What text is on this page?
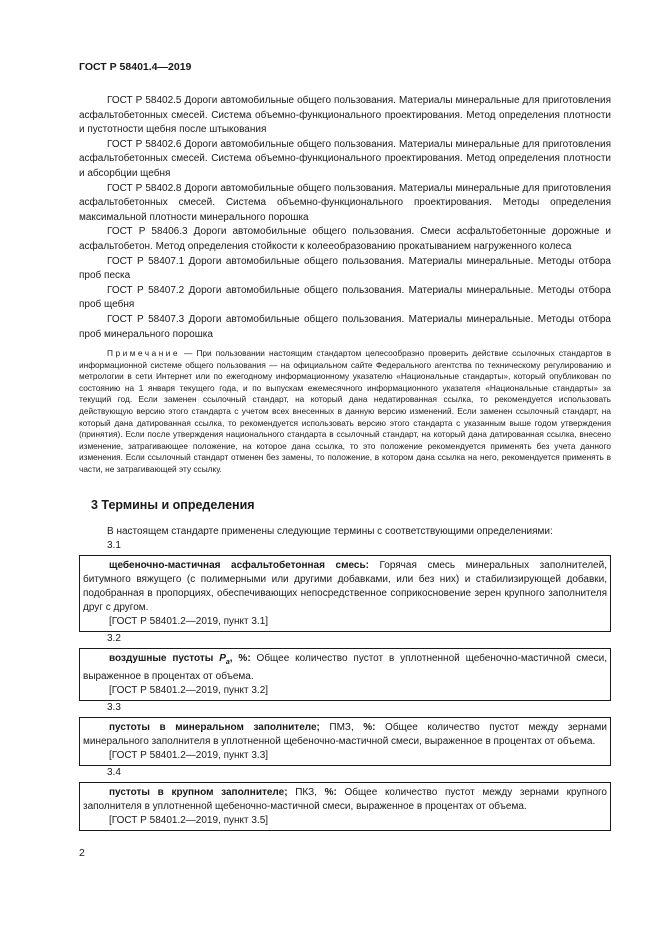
ГОСТ Р 58401.4—2019

ГОСТ Р 58402.5 Дороги автомобильные общего пользования. Материалы минеральные для приготовления асфальтобетонных смесей. Система объемно-функционального проектирования. Метод определения плотности и пустотности щебня после штыкования

ГОСТ Р 58402.6 Дороги автомобильные общего пользования. Материалы минеральные для приготовления асфальтобетонных смесей. Система объемно-функционального проектирования. Метод определения плотности и абсорбции щебня

ГОСТ Р 58402.8 Дороги автомобильные общего пользования. Материалы минеральные для приготовления асфальтобетонных смесей. Система объемно-функционального проектирования. Методы определения максимальной плотности минерального порошка

ГОСТ Р 58406.3 Дороги автомобильные общего пользования. Смеси асфальтобетонные дорожные и асфальтобетон. Метод определения стойкости к колееобразованию прокатыванием нагруженного колеса

ГОСТ Р 58407.1 Дороги автомобильные общего пользования. Материалы минеральные. Методы отбора проб песка

ГОСТ Р 58407.2 Дороги автомобильные общего пользования. Материалы минеральные. Методы отбора проб щебня

ГОСТ Р 58407.3 Дороги автомобильные общего пользования. Материалы минеральные. Методы отбора проб минерального порошка

Примечание — При пользовании настоящим стандартом целесообразно проверить действие ссылочных стандартов в информационной системе общего пользования — на официальном сайте Федерального агентства по техническому регулированию и метрологии в сети Интернет или по ежегодному информационному указателю «Национальные стандарты», который опубликован по состоянию на 1 января текущего года, и по выпускам ежемесячного информационного указателя «Национальные стандарты» за текущий год. Если заменен ссылочный стандарт, на который дана недатированная ссылка, то рекомендуется использовать действующую версию этого стандарта с учетом всех внесенных в данную версию изменений. Если заменен ссылочный стандарт, на который дана датированная ссылка, то рекомендуется использовать версию этого стандарта с указанным выше годом утверждения (принятия). Если после утверждения национального стандарта в ссылочный стандарт, на который дана датированная ссылка, внесено изменение, затрагивающее положение, на которое дана ссылка, то это положение рекомендуется применять без учета данного изменения. Если ссылочный стандарт отменен без замены, то положение, в котором дана ссылка на него, рекомендуется применять в части, не затрагивающей эту ссылку.

3 Термины и определения

В настоящем стандарте применены следующие термины с соответствующими определениями:

3.1

щебеночно-мастичная асфальтобетонная смесь: Горячая смесь минеральных заполнителей, битумного вяжущего (с полимерными или другими добавками, или без них) и стабилизирующей добавки, подобранная в пропорциях, обеспечивающих непосредственное соприкосновение зерен крупного заполнителя друг с другом.

[ГОСТ Р 58401.2—2019, пункт 3.1]

3.2

воздушные пустоты $P_a$, %: Общее количество пустот в уплотненной щебеночно-мастичной смеси, выраженное в процентах от объема.

[ГОСТ Р 58401.2—2019, пункт 3.2]

3.3

пустоты в минеральном заполнителе; ПМЗ, %: Общее количество пустот между зернами минерального заполнителя в уплотненной щебеночно-мастичной смеси, выраженное в процентах от объема.

[ГОСТ Р 58401.2—2019, пункт 3.3]

3.4

пустоты в крупном заполнителе; ПКЗ, %: Общее количество пустот между зернами крупного заполнителя в уплотненной щебеночно-мастичной смеси, выраженное в процентах от объема.

[ГОСТ Р 58401.2—2019, пункт 3.5]

2
